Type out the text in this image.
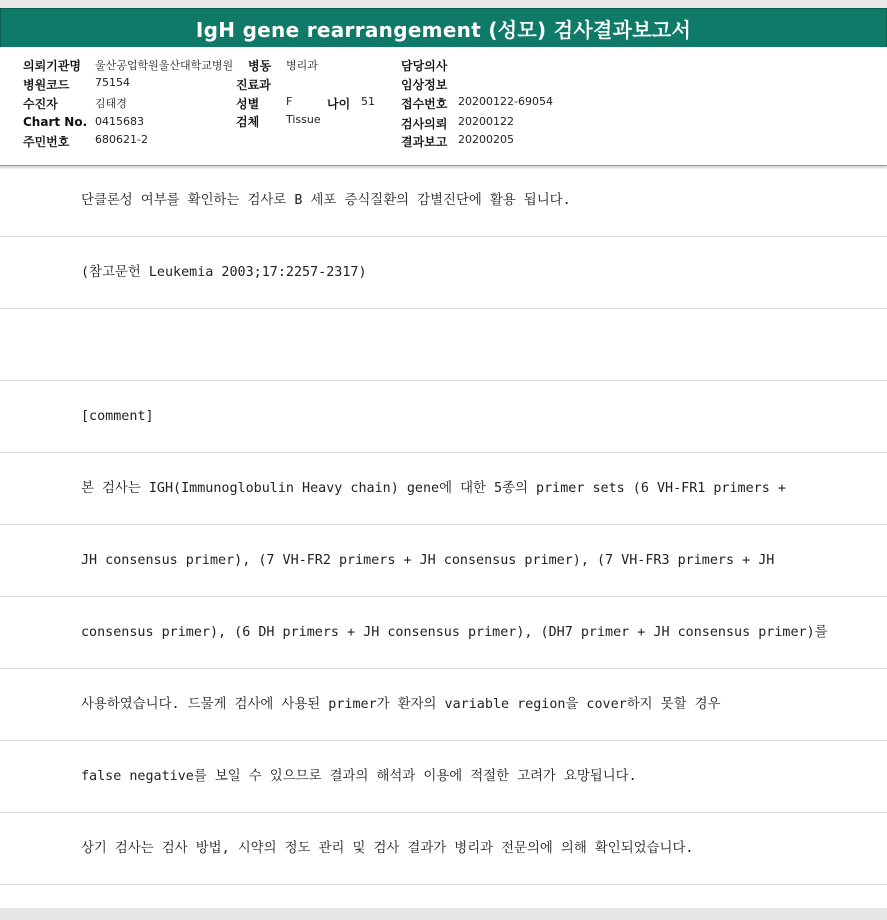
IgH gene rearrangement (성모) 검사결과보고서
의뢰기관명 울산공업학원울산대학교병원 병동 병리과	담당의사
병원코드 75154	진료과	임상정보
수진자	김태경	성별 F	나이 51 접수번호 20200122-69054
Chart No. 0415683	검체 Tissue	검사의뢰 20200122
주민번호 680621-2	결과보고 20200205
단클론성 여부를 확인하는 검사로 B 세포 증식질환의 감별진단에 활용 됩니다.
(참고문헌 Leukemia 2003;17:2257-2317)
[comment]
본 검사는 IGH(Immunoglobulin Heavy chain) gene에 대한 5종의 primer sets (6 VH-FR1 primers +
JH consensus primer), (7 VH-FR2 primers + JH consensus primer), (7 VH-FR3 primers + JH
consensus primer), (6 DH primers + JH consensus primer), (DH7 primer + JH consensus primer)를
사용하였습니다. 드물게 검사에 사용된 primer가 환자의 variable region을 cover하지 못할 경우
false negative를 보일 수 있으므로 결과의 해석과 이용에 적절한 고려가 요망됩니다.
상기 검사는 검사 방법, 시약의 정도 관리 및 검사 결과가 병리과 전문의에 의해 확인되었습니다.
